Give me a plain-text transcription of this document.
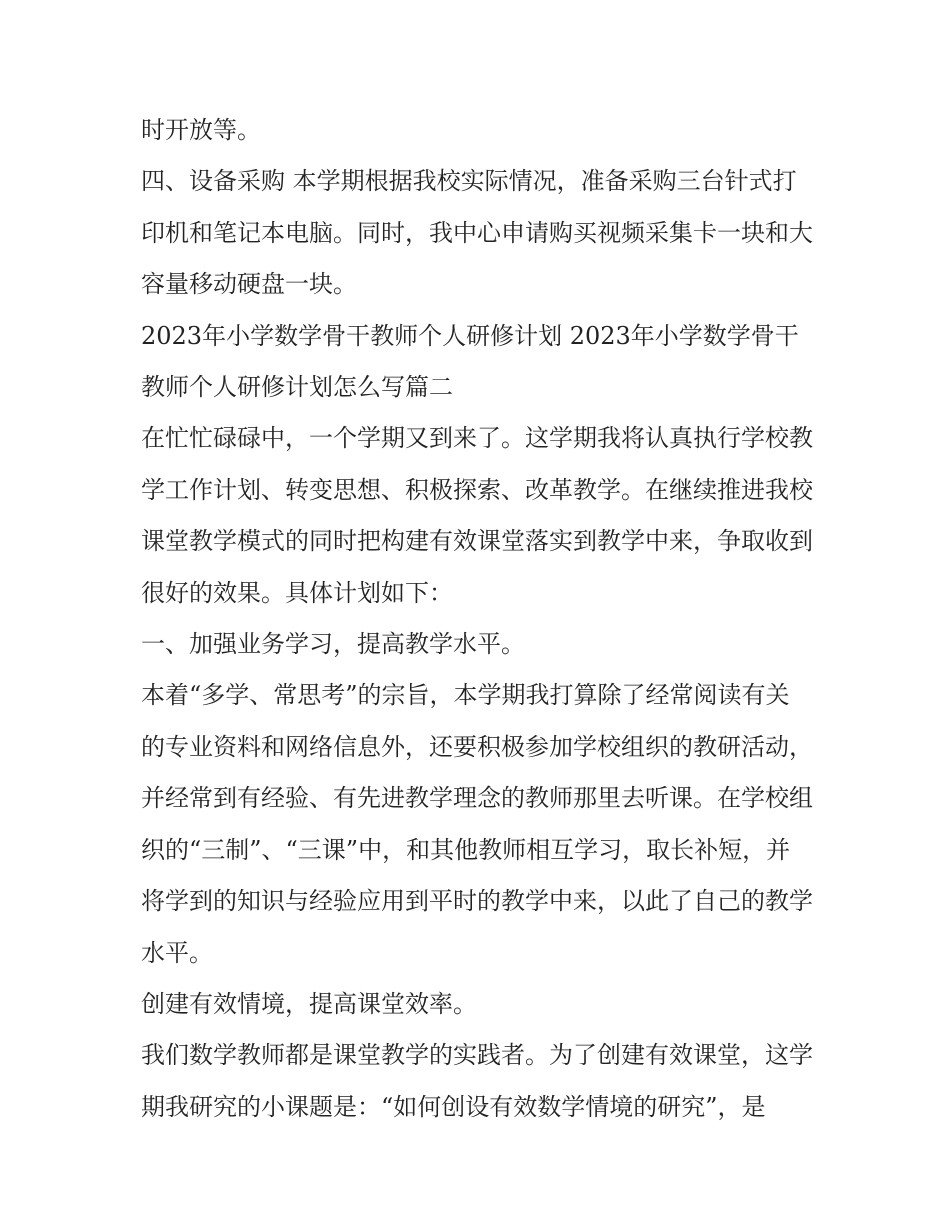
时开放等。

四、设备采购 本学期根据我校实际情况，准备采购三台针式打印机和笔记本电脑。同时，我中心申请购买视频采集卡一块和大容量移动硬盘一块。

2023年小学数学骨干教师个人研修计划 2023年小学数学骨干教师个人研修计划怎么写篇二

在忙忙碌碌中，一个学期又到来了。这学期我将认真执行学校教学工作计划、转变思想、积极探索、改革教学。在继续推进我校课堂教学模式的同时把构建有效课堂落实到教学中来，争取收到很好的效果。具体计划如下：

一、加强业务学习，提高教学水平。

本着“多学、常思考”的宗旨，本学期我打算除了经常阅读有关的专业资料和网络信息外，还要积极参加学校组织的教研活动，并经常到有经验、有先进教学理念的教师那里去听课。在学校组织的“三制”、“三课”中，和其他教师相互学习，取长补短，并将学到的知识与经验应用到平时的教学中来，以此了自己的教学水平。

创建有效情境，提高课堂效率。

我们数学教师都是课堂教学的实践者。为了创建有效课堂，这学期我研究的小课题是：“如何创设有效数学情境的研究”，是
